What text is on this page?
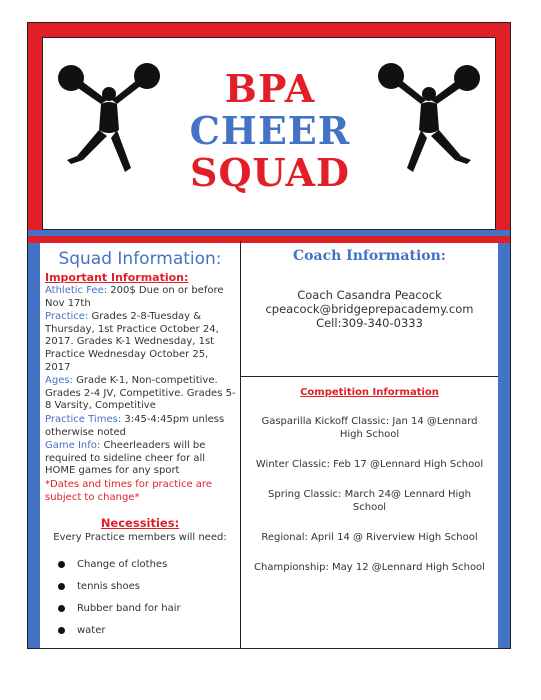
BPA
CHEER
SQUAD
Squad Information:
Important Information:
Athletic Fee: 200$ Due on or before Nov 17th
Practice: Grades 2-8-Tuesday & Thursday, 1st Practice October 24, 2017. Grades K-1 Wednesday, 1st Practice Wednesday October 25, 2017
Ages: Grade K-1, Non-competitive. Grades 2-4 JV, Competitive. Grades 5-8 Varsity, Competitive
Practice Times: 3:45-4:45pm unless otherwise noted
Game Info: Cheerleaders will be required to sideline cheer for all HOME games for any sport
*Dates and times for practice are subject to change*
Necessities:
Every Practice members will need:
Change of clothes
tennis shoes
Rubber band for hair
water
Coach Information:
Coach Casandra Peacock
cpeacock@bridgeprepacademy.com
Cell:309-340-0333
Competition Information
Gasparilla Kickoff Classic: Jan 14 @Lennard High School
Winter Classic: Feb 17 @Lennard High School
Spring Classic: March 24@ Lennard High School
Regional: April 14 @ Riverview High School
Championship: May 12 @Lennard High School
